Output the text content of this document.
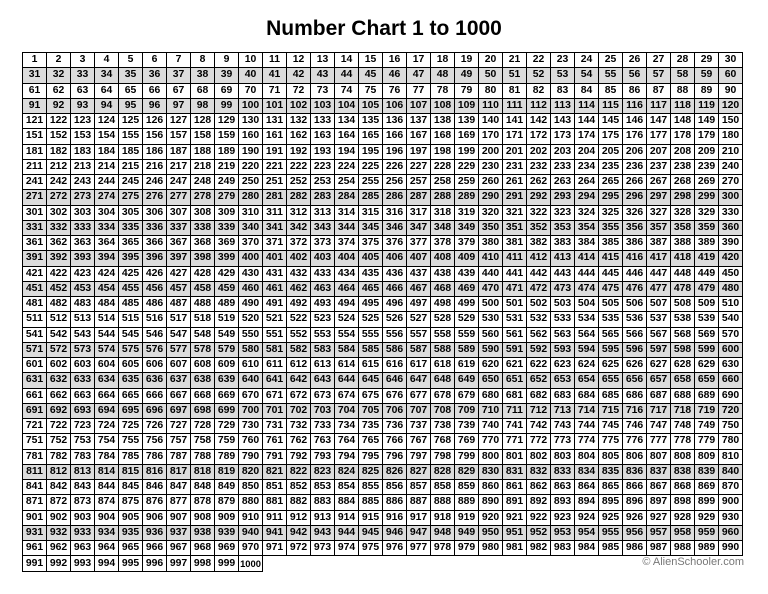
Number Chart 1 to 1000
1	2	3	4	5	6	7	8	9	10	11	12	13	14	15	16	17	18	19	20	21	22	23	24	25	26	27	28	29	30
31	32	33	34	35	36	37	38	39	40	41	42	43	44	45	46	47	48	49	50	51	52	53	54	55	56	57	58	59	60
61	62	63	64	65	66	67	68	69	70	71	72	73	74	75	76	77	78	79	80	81	82	83	84	85	86	87	88	89	90
91	92	93	94	95	96	97	98	99	100	101	102	103	104	105	106	107	108	109	110	111	112	113	114	115	116	117	118	119	120
121	122	123	124	125	126	127	128	129	130	131	132	133	134	135	136	137	138	139	140	141	142	143	144	145	146	147	148	149	150
151	152	153	154	155	156	157	158	159	160	161	162	163	164	165	166	167	168	169	170	171	172	173	174	175	176	177	178	179	180
181	182	183	184	185	186	187	188	189	190	191	192	193	194	195	196	197	198	199	200	201	202	203	204	205	206	207	208	209	210
211	212	213	214	215	216	217	218	219	220	221	222	223	224	225	226	227	228	229	230	231	232	233	234	235	236	237	238	239	240
241	242	243	244	245	246	247	248	249	250	251	252	253	254	255	256	257	258	259	260	261	262	263	264	265	266	267	268	269	270
271	272	273	274	275	276	277	278	279	280	281	282	283	284	285	286	287	288	289	290	291	292	293	294	295	296	297	298	299	300
301	302	303	304	305	306	307	308	309	310	311	312	313	314	315	316	317	318	319	320	321	322	323	324	325	326	327	328	329	330
331	332	333	334	335	336	337	338	339	340	341	342	343	344	345	346	347	348	349	350	351	352	353	354	355	356	357	358	359	360
361	362	363	364	365	366	367	368	369	370	371	372	373	374	375	376	377	378	379	380	381	382	383	384	385	386	387	388	389	390
391	392	393	394	395	396	397	398	399	400	401	402	403	404	405	406	407	408	409	410	411	412	413	414	415	416	417	418	419	420
421	422	423	424	425	426	427	428	429	430	431	432	433	434	435	436	437	438	439	440	441	442	443	444	445	446	447	448	449	450
451	452	453	454	455	456	457	458	459	460	461	462	463	464	465	466	467	468	469	470	471	472	473	474	475	476	477	478	479	480
481	482	483	484	485	486	487	488	489	490	491	492	493	494	495	496	497	498	499	500	501	502	503	504	505	506	507	508	509	510
511	512	513	514	515	516	517	518	519	520	521	522	523	524	525	526	527	528	529	530	531	532	533	534	535	536	537	538	539	540
541	542	543	544	545	546	547	548	549	550	551	552	553	554	555	556	557	558	559	560	561	562	563	564	565	566	567	568	569	570
571	572	573	574	575	576	577	578	579	580	581	582	583	584	585	586	587	588	589	590	591	592	593	594	595	596	597	598	599	600
601	602	603	604	605	606	607	608	609	610	611	612	613	614	615	616	617	618	619	620	621	622	623	624	625	626	627	628	629	630
631	632	633	634	635	636	637	638	639	640	641	642	643	644	645	646	647	648	649	650	651	652	653	654	655	656	657	658	659	660
661	662	663	664	665	666	667	668	669	670	671	672	673	674	675	676	677	678	679	680	681	682	683	684	685	686	687	688	689	690
691	692	693	694	695	696	697	698	699	700	701	702	703	704	705	706	707	708	709	710	711	712	713	714	715	716	717	718	719	720
721	722	723	724	725	726	727	728	729	730	731	732	733	734	735	736	737	738	739	740	741	742	743	744	745	746	747	748	749	750
751	752	753	754	755	756	757	758	759	760	761	762	763	764	765	766	767	768	769	770	771	772	773	774	775	776	777	778	779	780
781	782	783	784	785	786	787	788	789	790	791	792	793	794	795	796	797	798	799	800	801	802	803	804	805	806	807	808	809	810
811	812	813	814	815	816	817	818	819	820	821	822	823	824	825	826	827	828	829	830	831	832	833	834	835	836	837	838	839	840
841	842	843	844	845	846	847	848	849	850	851	852	853	854	855	856	857	858	859	860	861	862	863	864	865	866	867	868	869	870
871	872	873	874	875	876	877	878	879	880	881	882	883	884	885	886	887	888	889	890	891	892	893	894	895	896	897	898	899	900
901	902	903	904	905	906	907	908	909	910	911	912	913	914	915	916	917	918	919	920	921	922	923	924	925	926	927	928	929	930
931	932	933	934	935	936	937	938	939	940	941	942	943	944	945	946	947	948	949	950	951	952	953	954	955	956	957	958	959	960
961	962	963	964	965	966	967	968	969	970	971	972	973	974	975	976	977	978	979	980	981	982	983	984	985	986	987	988	989	990
991	992	993	994	995	996	997	998	999	1000																					© AlienSchooler.com
